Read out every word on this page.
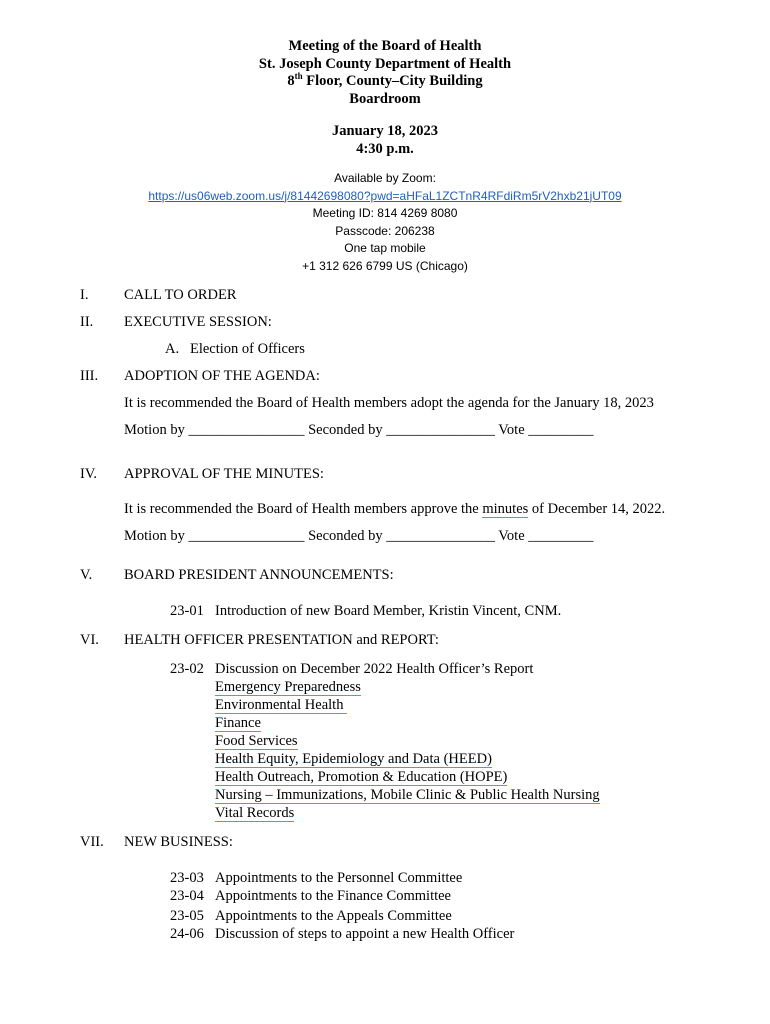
Meeting of the Board of Health
St. Joseph County Department of Health
8th Floor, County–City Building
Boardroom
January 18, 2023
4:30 p.m.
Available by Zoom:
https://us06web.zoom.us/j/81442698080?pwd=aHFaL1ZCTnR4RFdiRm5rV2hxb21jUT09
Meeting ID: 814 4269 8080
Passcode: 206238
One tap mobile
+1 312 626 6799 US (Chicago)
I. CALL TO ORDER
II. EXECUTIVE SESSION:
A.   Election of Officers
III. ADOPTION OF THE AGENDA:
It is recommended the Board of Health members adopt the agenda for the January 18, 2023
Motion by ________________ Seconded by _______________ Vote _________
IV. APPROVAL OF THE MINUTES:
It is recommended the Board of Health members approve the minutes of December 14, 2022.
Motion by ________________ Seconded by _______________ Vote _________
V. BOARD PRESIDENT ANNOUNCEMENTS:
23-01 Introduction of new Board Member, Kristin Vincent, CNM.
VI. HEALTH OFFICER PRESENTATION and REPORT:
23-02 Discussion on December 2022 Health Officer’s Report
Emergency Preparedness
Environmental Health
Finance
Food Services
Health Equity, Epidemiology and Data (HEED)
Health Outreach, Promotion & Education (HOPE)
Nursing – Immunizations, Mobile Clinic & Public Health Nursing
Vital Records
VII. NEW BUSINESS:
23-03 Appointments to the Personnel Committee
23-04 Appointments to the Finance Committee
23-05 Appointments to the Appeals Committee
24-06 Discussion of steps to appoint a new Health Officer
